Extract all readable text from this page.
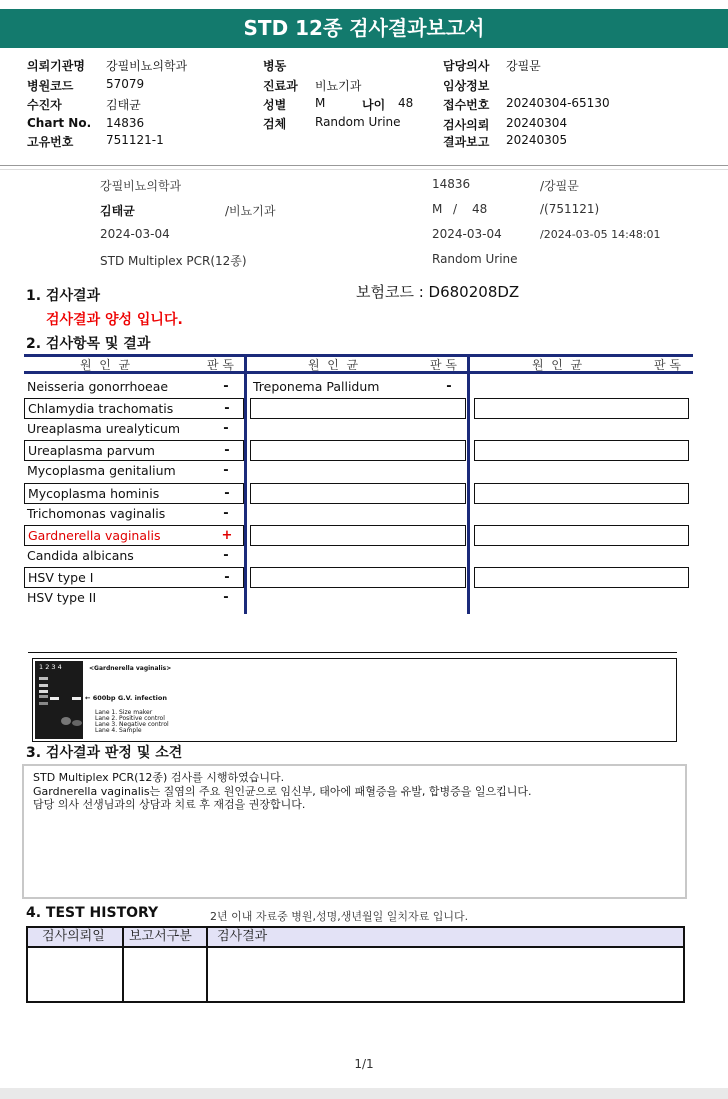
STD 12종 검사결과보고서
의뢰기관명 강필비뇨의학과	병동	담당의사 강필문
병원코드	57079	진료과 비뇨기과	임상정보
수진자	김태균	성별 M	나이 48 접수번호 20240304-65130
Chart No. 14836	검체 Random Urine	검사의뢰 20240304
고유번호	751121-1	결과보고 20240305
강필비뇨의학과	14836	/강필문
김태균	/비뇨기과	M / 48	/(751121)
2024-03-04	2024-03-04	/2024-03-05 14:48:01
STD Multiplex PCR(12종)	Random Urine
1. 검사결과
검사결과 양성 입니다.
보험코드 : D680208DZ
2. 검사항목 및 결과
원  인  균	판 독	원  인  균	판 독	원  인  균	판 독
Neisseria gonorrhoeae	-	Treponema Pallidum	-
Chlamydia trachomatis	-
Ureaplasma urealyticum	-
Ureaplasma parvum	-
Mycoplasma genitalium	-
Mycoplasma hominis	-
Trichomonas vaginalis	-
Gardnerella vaginalis	+
Candida albicans	-
HSV type I	-
HSV type II	-
1 2 3 4	<Gardnerella vaginalis>
← 600bp G.V. infection
Lane 1. Size maker
Lane 2. Positive control
Lane 3. Negative control
Lane 4. Sample
3. 검사결과 판정 및 소견
STD Multiplex PCR(12종) 검사를 시행하였습니다.
Gardnerella vaginalis는 질염의 주요 원인균으로 임신부, 태아에 패혈증을 유발, 합병증을 일으킵니다.
담당 의사 선생님과의 상담과 치료 후 재검을 권장합니다.
4. TEST HISTORY	2년 이내 자료중 병원,성명,생년월일 일치자료 입니다.
검사의뢰일 보고서구분 검사결과
1/1
